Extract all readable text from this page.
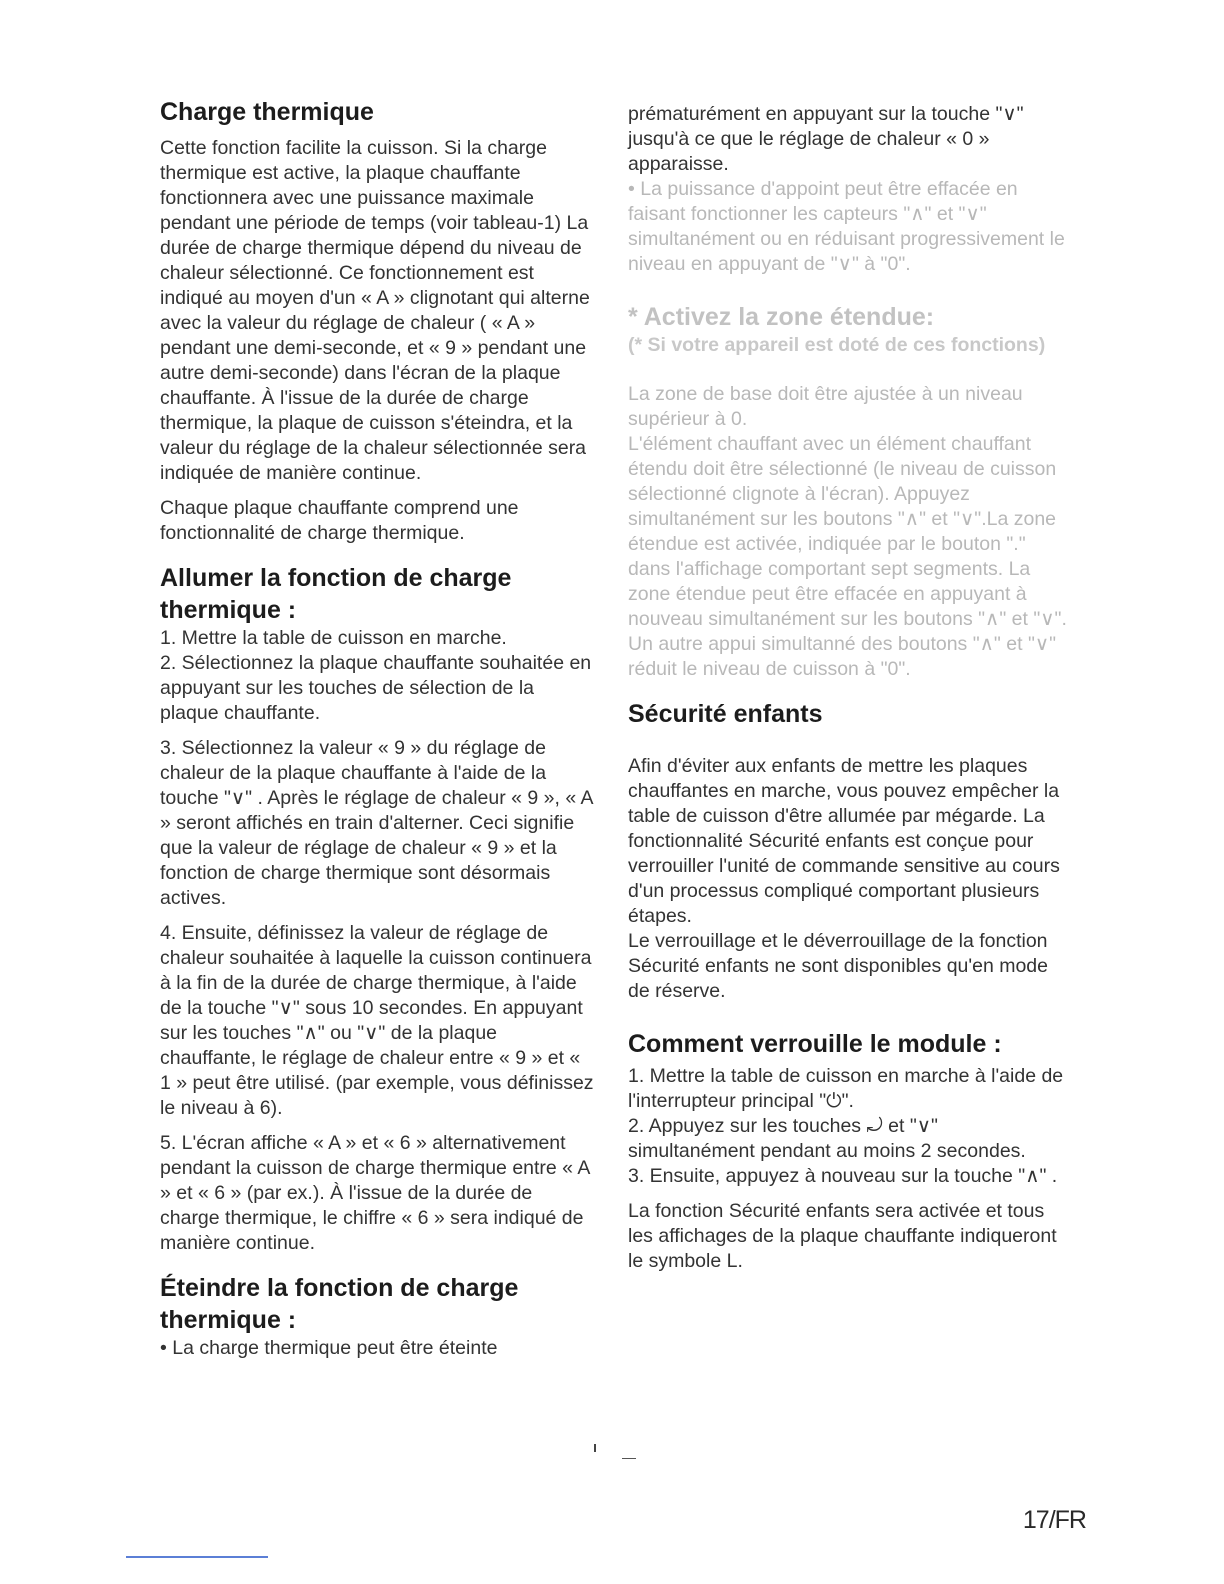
Charge thermique

Cette fonction facilite la cuisson. Si la charge thermique est active, la plaque chauffante fonctionnera avec une puissance maximale pendant une période de temps (voir tableau-1) La durée de charge thermique dépend du niveau de chaleur sélectionné. Ce fonctionnement est indiqué au moyen d'un « A » clignotant qui alterne avec la valeur du réglage de chaleur ( « A » pendant une demi-seconde, et « 9 » pendant une autre demi-seconde) dans l'écran de la plaque chauffante. À l'issue de la durée de charge thermique, la plaque de cuisson s'éteindra, et la valeur du réglage de la chaleur sélectionnée sera indiquée de manière continue.

Chaque plaque chauffante comprend une fonctionnalité de charge thermique.

Allumer la fonction de charge thermique :

1. Mettre la table de cuisson en marche.

2. Sélectionnez la plaque chauffante souhaitée en appuyant sur les touches de sélection de la plaque chauffante.

3. Sélectionnez la valeur « 9 » du réglage de chaleur de la plaque chauffante à l'aide de la touche "∨" . Après le réglage de chaleur « 9 », « A » seront affichés en train d'alterner. Ceci signifie que la valeur de réglage de chaleur « 9 » et la fonction de charge thermique sont désormais actives.

4. Ensuite, définissez la valeur de réglage de chaleur souhaitée à laquelle la cuisson continuera à la fin de la durée de charge thermique, à l'aide de la touche "∨" sous 10 secondes. En appuyant sur les touches "∧" ou "∨" de la plaque chauffante, le réglage de chaleur entre « 9 » et « 1 » peut être utilisé. (par exemple, vous définissez le niveau à 6).

5. L'écran affiche « A » et « 6 » alternativement pendant la cuisson de charge thermique entre « A » et « 6 » (par ex.). À l'issue de la durée de charge thermique, le chiffre « 6 » sera indiqué de manière continue.

Éteindre la fonction de charge thermique :

• La charge thermique peut être éteinte

prématurément en appuyant sur la touche "∨" jusqu'à ce que le réglage de chaleur « 0 » apparaisse.

• La puissance d'appoint peut être effacée en faisant fonctionner les capteurs "∧" et "∨" simultanément ou en réduisant progressivement le niveau en appuyant de "∨" à "0".

* Activez la zone étendue:

(* Si votre appareil est doté de ces fonctions)

La zone de base doit être ajustée à un niveau supérieur à 0.

L'élément chauffant avec un élément chauffant étendu doit être sélectionné (le niveau de cuisson sélectionné clignote à l'écran). Appuyez simultanément sur les boutons "∧" et "∨".La zone étendue est activée, indiquée par le bouton "." dans l'affichage comportant sept segments. La zone étendue peut être effacée en appuyant à nouveau simultanément sur les boutons "∧" et "∨". Un autre appui simultanné des boutons "∧" et "∨" réduit le niveau de cuisson à "0".

Sécurité enfants

Afin d'éviter aux enfants de mettre les plaques chauffantes en marche, vous pouvez empêcher la table de cuisson d'être allumée par mégarde. La fonctionnalité Sécurité enfants est conçue pour verrouiller l'unité de commande sensitive au cours d'un processus compliqué comportant plusieurs étapes.

Le verrouillage et le déverrouillage de la fonction Sécurité enfants ne sont disponibles qu'en mode de réserve.

Comment verrouille le module :

1. Mettre la table de cuisson en marche à l'aide de l'interrupteur principal "⏻".

2. Appuyez sur les touches ⤾ et "∨" simultanément pendant au moins 2 secondes.

3. Ensuite, appuyez à nouveau sur la touche "∧" .

La fonction Sécurité enfants sera activée et tous les affichages de la plaque chauffante indiqueront le symbole L.

17/FR
